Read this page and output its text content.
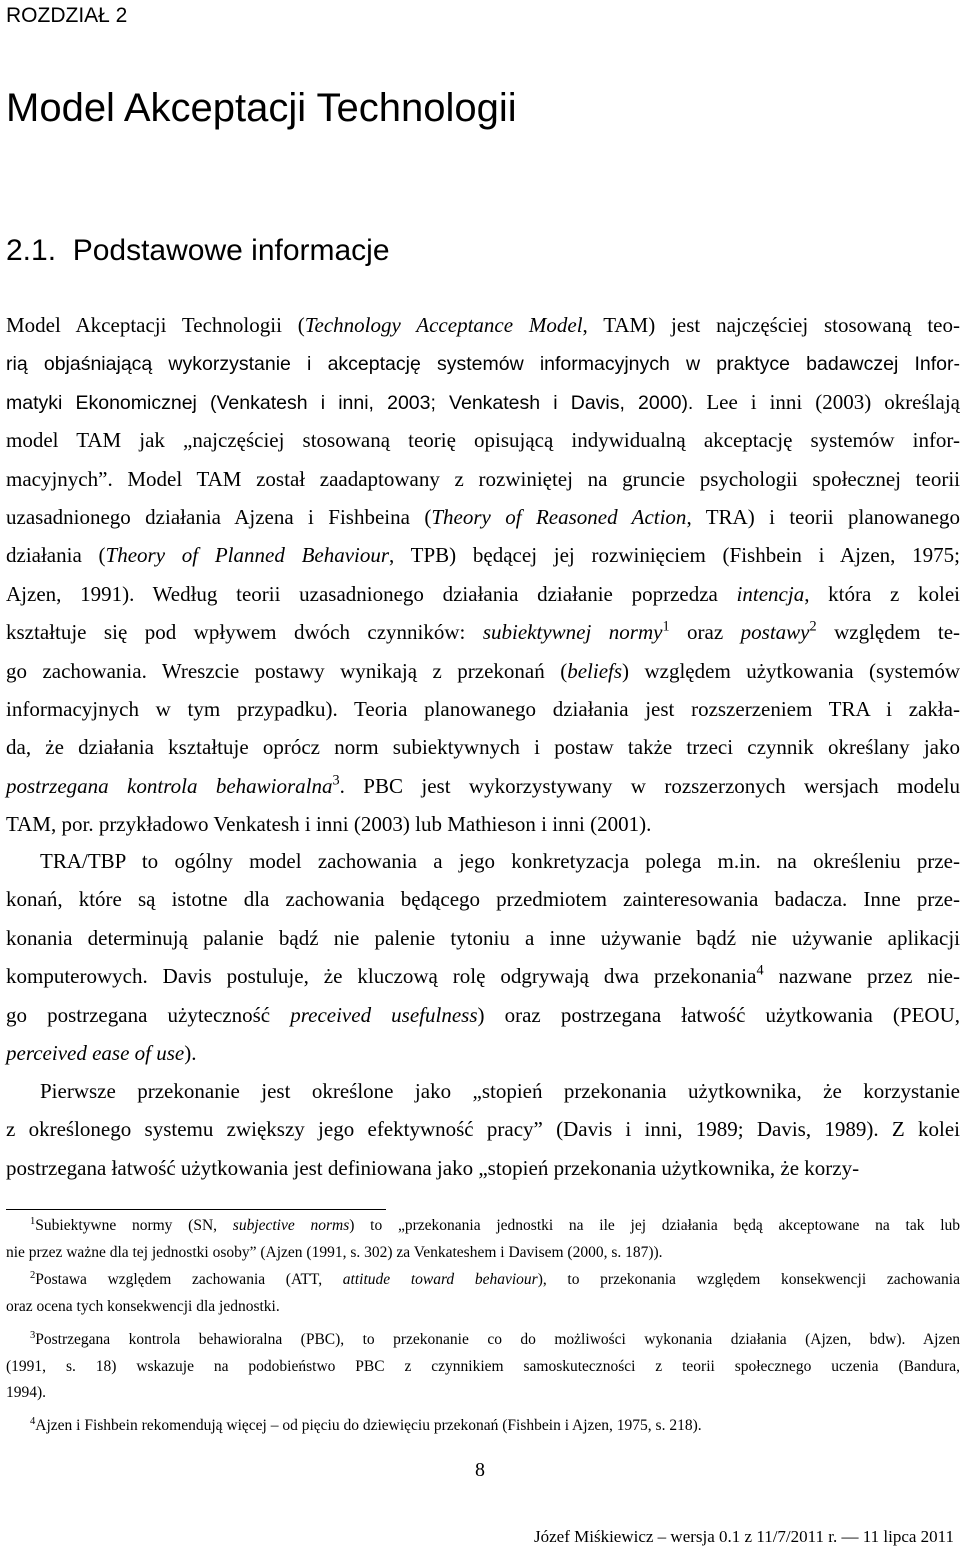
ROZDZIAŁ 2
Model Akceptacji Technologii
2.1. Podstawowe informacje
Model Akceptacji Technologii (Technology Acceptance Model, TAM) jest najczęściej stosowaną teo-
rią objaśniającą wykorzystanie i akceptację systemów informacyjnych w praktyce badawczej Infor-
matyki Ekonomicznej (Venkatesh i inni, 2003; Venkatesh i Davis, 2000). Lee i inni (2003) określają
model TAM jak „najczęściej stosowaną teorię opisującą indywidualną akceptację systemów infor-
macyjnych”. Model TAM został zaadaptowany z rozwiniętej na gruncie psychologii społecznej teorii
uzasadnionego działania Ajzena i Fishbeina (Theory of Reasoned Action, TRA) i teorii planowanego
działania (Theory of Planned Behaviour, TPB) będącej jej rozwinięciem (Fishbein i Ajzen, 1975;
Ajzen, 1991). Według teorii uzasadnionego działania działanie poprzedza intencja, która z kolei
kształtuje się pod wpływem dwóch czynników: subiektywnej normy$^1$ oraz postawy$^2$ względem te-
go zachowania. Wreszcie postawy wynikają z przekonań (beliefs) względem użytkowania (systemów
informacyjnych w tym przypadku). Teoria planowanego działania jest rozszerzeniem TRA i zakła-
da, że działania kształtuje oprócz norm subiektywnych i postaw także trzeci czynnik określany jako
postrzegana kontrola behawioralna$^3$. PBC jest wykorzystywany w rozszerzonych wersjach modelu
TAM, por. przykładowo Venkatesh i inni (2003) lub Mathieson i inni (2001).
TRA/TBP to ogólny model zachowania a jego konkretyzacja polega m.in. na określeniu prze-
konań, które są istotne dla zachowania będącego przedmiotem zainteresowania badacza. Inne prze-
konania determinują palanie bądź nie palenie tytoniu a inne używanie bądź nie używanie aplikacji
komputerowych. Davis postuluje, że kluczową rolę odgrywają dwa przekonania$^4$ nazwane przez nie-
go postrzegana użyteczność preceived usefulness) oraz postrzegana łatwość użytkowania (PEOU,
perceived ease of use).
Pierwsze przekonanie jest określone jako „stopień przekonania użytkownika, że korzystanie
z określonego systemu zwiększy jego efektywność pracy” (Davis i inni, 1989; Davis, 1989). Z kolei
postrzegana łatwość użytkowania jest definiowana jako „stopień przekonania użytkownika, że korzy-
$^1$Subiektywne normy (SN, subjective norms) to „przekonania jednostki na ile jej działania będą akceptowane na tak lub
nie przez ważne dla tej jednostki osoby” (Ajzen (1991, s. 302) za Venkateshem i Davisem (2000, s. 187)).
$^2$Postawa względem zachowania (ATT, attitude toward behaviour), to przekonania względem konsekwencji zachowania
oraz ocena tych konsekwencji dla jednostki.
$^3$Postrzegana kontrola behawioralna (PBC), to przekonanie co do możliwości wykonania działania (Ajzen, bdw). Ajzen
(1991, s. 18) wskazuje na podobieństwo PBC z czynnikiem samoskuteczności z teorii społecznego uczenia (Bandura,
1994).
$^4$Ajzen i Fishbein rekomendują więcej – od pięciu do dziewięciu przekonań (Fishbein i Ajzen, 1975, s. 218).
8
Józef Miśkiewicz – wersja 0.1 z 11/7/2011 r. — 11 lipca 2011
